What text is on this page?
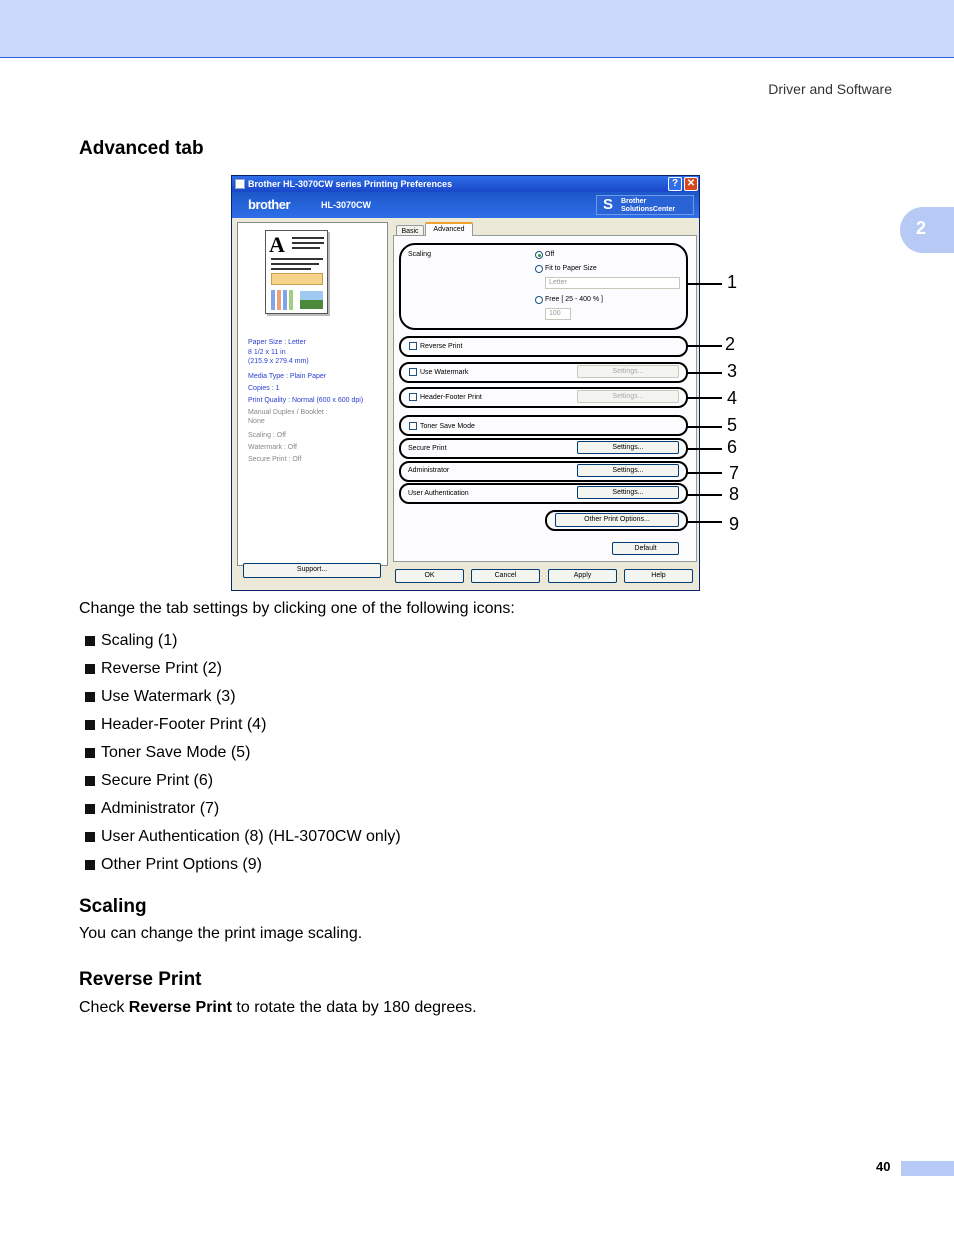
Driver and Software
2
Advanced tab
Brother HL-3070CW series Printing Preferences	? ✕
brother	HL-3070CW	S Brother
SolutionsCenter
A
Paper Size : Letter
8 1/2 x 11 in
(215.9 x 279.4 mm)
Media Type : Plain Paper
Copies : 1
Print Quality : Normal (600 x 600 dpi)
Manual Duplex / Booklet :
None
Scaling : Off
Watermark : Off
Secure Print : Off
Support...
Basic	Advanced
Scaling	Off
Fit to Paper Size
Letter
Free [ 25 - 400 % ]
100
Reverse Print
Use Watermark	Settings...
Header-Footer Print	Settings...
Toner Save Mode
Secure Print	Settings...
Administrator	Settings...
User Authentication	Settings...
Other Print Options...
Default
OK	Cancel	Apply	Help
1
2
3
4
5
6
7
8
9
Change the tab settings by clicking one of the following icons:
Scaling (1)
Reverse Print (2)
Use Watermark (3)
Header-Footer Print (4)
Toner Save Mode (5)
Secure Print (6)
Administrator (7)
User Authentication (8) (HL-3070CW only)
Other Print Options (9)
Scaling
You can change the print image scaling.
Reverse Print
Check Reverse Print to rotate the data by 180 degrees.
40
